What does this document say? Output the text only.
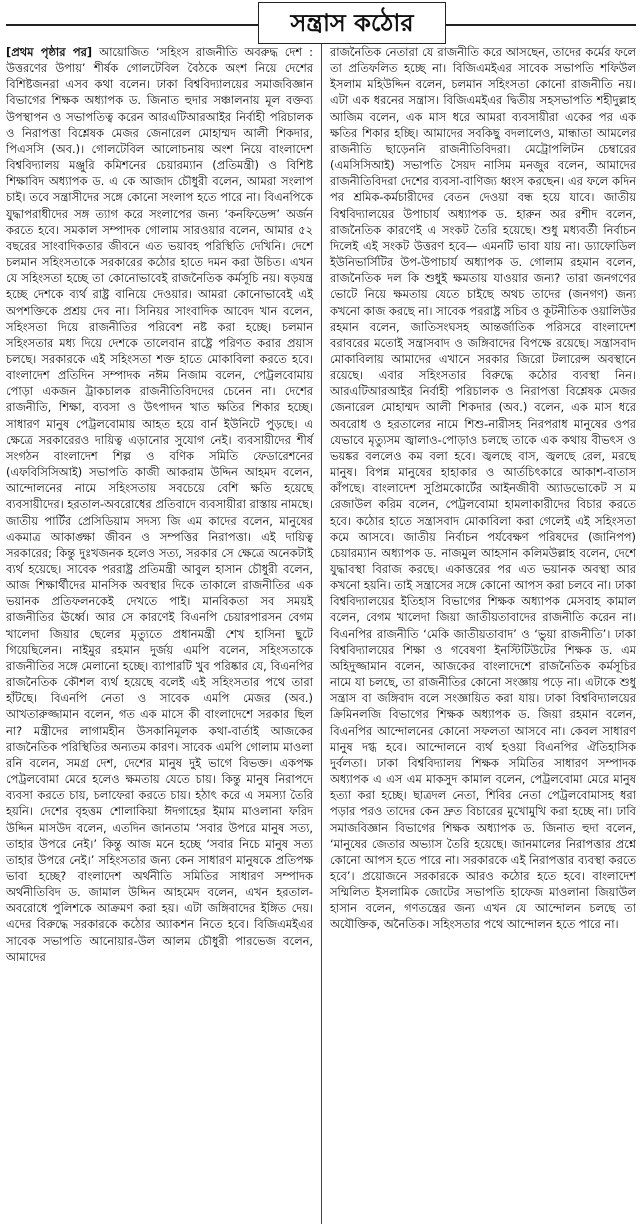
সন্ত্রাস কঠোর

[প্রথম পৃষ্ঠার পর] আয়োজিত ‘সহিংস রাজনীতি অবরুদ্ধ দেশ : উত্তরণের উপায়’ শীর্ষক গোলটেবিল বৈঠকে অংশ নিয়ে দেশের বিশিষ্টজনরা এসব কথা বলেন। ঢাকা বিশ্ববিদ্যালয়ের সমাজবিজ্ঞান বিভাগের শিক্ষক অধ্যাপক ড. জিনাত হুদার সঞ্চালনায় মূল বক্তব্য উপস্থাপন ও সভাপতিত্ব করেন আরএটিআরআইর নির্বাহী পরিচালক ও নিরাপত্তা বিশ্লেষক মেজর জেনারেল মোহাম্মদ আলী শিকদার, পিএসসি (অব.)। গোলটেবিল আলোচনায় অংশ নিয়ে বাংলাদেশ বিশ্ববিদ্যালয় মঞ্জুরি কমিশনের চেয়ারম্যান (প্রতিমন্ত্রী) ও বিশিষ্ট শিক্ষাবিদ অধ্যাপক ড. এ কে আজাদ চৌধুরী বলেন, আমরা সংলাপ চাই। তবে সন্ত্রাসীদের সঙ্গে কোনো সংলাপ হতে পারে না। বিএনপিকে যুদ্ধাপরাধীদের সঙ্গ ত্যাগ করে সংলাপের জন্য ‘কনফিডেন্স’ অর্জন করতে হবে। সমকাল সম্পাদক গোলাম সারওয়ার বলেন, আমার ৫২ বছরের সাংবাদিকতার জীবনে এত ভয়াবহ পরিস্থিতি দেখিনি। দেশে চলমান সহিংসতাকে সরকারের কঠোর হাতে দমন করা উচিত। এখন যে সহিংসতা হচ্ছে তা কোনোভাবেই রাজনৈতিক কর্মসূচি নয়। ষড়যন্ত্র হচ্ছে দেশকে ব্যর্থ রাষ্ট্র বানিয়ে দেওয়ার। আমরা কোনোভাবেই এই অপশক্তিকে প্রশ্রয় দেব না। সিনিয়র সাংবাদিক আবেদ খান বলেন, সহিংসতা দিয়ে রাজনীতির পরিবেশ নষ্ট করা হচ্ছে। চলমান সহিংসতার মধ্য দিয়ে দেশকে তালেবান রাষ্ট্রে পরিণত করার প্রয়াস চলছে। সরকারকে এই সহিংসতা শক্ত হাতে মোকাবিলা করতে হবে। বাংলাদেশ প্রতিদিন সম্পাদক নঈম নিজাম বলেন, পেট্রলবোমায় পোড়া একজন ট্রাকচালক রাজনীতিবিদদের চেনেন না। দেশের রাজনীতি, শিক্ষা, ব্যবসা ও উৎপাদন খাত ক্ষতির শিকার হচ্ছে। সাধারণ মানুষ পেট্রলবোমায় আহত হয়ে বার্ন ইউনিটে পুড়ছে। এ ক্ষেত্রে সরকারেরও দায়িত্ব এড়ানোর সুযোগ নেই। ব্যবসায়ীদের শীর্ষ সংগঠন বাংলাদেশ শিল্প ও বণিক সমিতি ফেডারেশনের (এফবিসিসিআই) সভাপতি কাজী আকরাম উদ্দিন আহমদ বলেন, আন্দোলনের নামে সহিংসতায় সবচেয়ে বেশি ক্ষতি হয়েছে ব্যবসায়ীদের। হরতাল-অবরোধের প্রতিবাদে ব্যবসায়ীরা রাস্তায় নামছে। জাতীয় পার্টির প্রেসিডিয়াম সদস্য জি এম কাদের বলেন, মানুষের একমাত্র আকাঙ্ক্ষা জীবন ও সম্পত্তির নিরাপত্তা। এই দায়িত্ব সরকারের; কিন্তু দুঃখজনক হলেও সত্য, সরকার সে ক্ষেত্রে অনেকটাই ব্যর্থ হয়েছে। সাবেক পররাষ্ট্র প্রতিমন্ত্রী আবুল হাসান চৌধুরী বলেন, আজ শিক্ষার্থীদের মানসিক অবস্থার দিকে তাকালে রাজনীতির এক ভয়ানক প্রতিফলনকেই দেখতে পাই। মানবিকতা সব সময়ই রাজনীতির ঊর্ধ্বে। আর সে কারণেই বিএনপি চেয়ারপারসন বেগম খালেদা জিয়ার ছেলের মৃত্যুতে প্রধানমন্ত্রী শেখ হাসিনা ছুটে গিয়েছিলেন। নাইমুর রহমান দুর্জয় এমপি বলেন, সহিংসতাকে রাজনীতির সঙ্গে মেলানো হচ্ছে। ব্যাপারটি খুব পরিষ্কার যে, বিএনপির রাজনৈতিক কৌশল ব্যর্থ হয়েছে বলেই এই সহিংসতার পথে তারা হাঁটছে। বিএনপি নেতা ও সাবেক এমপি মেজর (অব.) আখতারুজ্জামান বলেন, গত এক মাসে কী বাংলাদেশে সরকার ছিল না? মন্ত্রীদের লাগামহীন উসকানিমূলক কথা-বার্তাই আজকের রাজনৈতিক পরিস্থিতির অন্যতম কারণ। সাবেক এমপি গোলাম মাওলা রনি বলেন, সমগ্র দেশ, দেশের মানুষ দুই ভাগে বিভক্ত। একপক্ষ পেট্রলবোমা মেরে হলেও ক্ষমতায় যেতে চায়। কিন্তু মানুষ নিরাপদে ব্যবসা করতে চায়, চলাফেরা করতে চায়। হঠাৎ করে এ সমস্যা তৈরি হয়নি। দেশের বৃহত্তম শোলাকিয়া ঈদগাহের ইমাম মাওলানা ফরিদ উদ্দিন মাসউদ বলেন, এতদিন জানতাম ‘সবার উপরে মানুষ সত্য, তাহার উপরে নেই।’ কিন্তু আজ মনে হচ্ছে ‘সবার নিচে মানুষ সত্য তাহার উপরে নেই।’ সহিংসতার জন্য কেন সাধারণ মানুষকে প্রতিপক্ষ ভাবা হচ্ছে? বাংলাদেশ অর্থনীতি সমিতির সাধারণ সম্পাদক অর্থনীতিবিদ ড. জামাল উদ্দিন আহমেদ বলেন, এখন হরতাল-অবরোধে পুলিশকে আক্রমণ করা হয়। এটা জঙ্গিবাদের ইঙ্গিত দেয়। এদের বিরুদ্ধে সরকারকে কঠোর অ্যাকশন নিতে হবে। বিজিএমইএর সাবেক সভাপতি আনোয়ার-উল আলম চৌধুরী পারভেজ বলেন, আমাদের

রাজনৈতিক নেতারা যে রাজনীতি করে আসছেন, তাদের কর্মের ফলে তা প্রতিফলিত হচ্ছে না। বিজিএমইএর সাবেক সভাপতি শফিউল ইসলাম মহিউদ্দিন বলেন, চলমান সহিংসতা কোনো রাজনীতি নয়। এটা এক ধরনের সন্ত্রাস। বিজিএমইএর দ্বিতীয় সহসভাপতি শহীদুল্লাহ আজিম বলেন, এক মাস ধরে আমরা ব্যবসায়ীরা একের পর এক ক্ষতির শিকার হচ্ছি। আমাদের সবকিছু বদলালেও, মান্ধাতা আমলের রাজনীতি ছাড়েননি রাজনীতিবিদরা। মেট্রোপলিটন চেম্বারের (এমসিসিআই) সভাপতি সৈয়দ নাসিম মনজুর বলেন, আমাদের রাজনীতিবিদরা দেশের ব্যবসা-বাণিজ্য ধ্বংস করছেন। এর ফলে কদিন পর শ্রমিক-কর্মচারীদের বেতন দেওয়া বন্ধ হয়ে যাবে। জাতীয় বিশ্ববিদ্যালয়ের উপাচার্য অধ্যাপক ড. হারুন অর রশীদ বলেন, রাজনৈতিক কারণেই এ সংকট তৈরি হয়েছে। শুধু মধ্যবর্তী নির্বাচন দিলেই এই সংকট উত্তরণ হবে— এমনটি ভাবা যায় না। ড্যাফোডিল ইউনিভার্সিটির উপ-উপাচার্য অধ্যাপক ড. গোলাম রহমান বলেন, রাজনৈতিক দল কি শুধুই ক্ষমতায় যাওয়ার জন্য? তারা জনগণের ভোটে নিয়ে ক্ষমতায় যেতে চাইছে অথচ তাদের (জনগণ) জন্য কখনো কাজ করছে না। সাবেক পররাষ্ট্র সচিব ও কূটনীতিক ওয়ালিউর রহমান বলেন, জাতিসংঘসহ আন্তর্জাতিক পরিসরে বাংলাদেশ বরাবরের মতোই সন্ত্রাসবাদ ও জঙ্গিবাদের বিপক্ষে রয়েছে। সন্ত্রাসবাদ মোকাবিলায় আমাদের এখানে সরকার জিরো টলারেন্স অবস্থানে রয়েছে। এবার সহিংসতার বিরুদ্ধে কঠোর ব্যবস্থা নিন। আরএটিআরআইর নির্বাহী পরিচালক ও নিরাপত্তা বিশ্লেষক মেজর জেনারেল মোহাম্মদ আলী শিকদার (অব.) বলেন, এক মাস ধরে অবরোধ ও হরতালের নামে শিশু-নারীসহ নিরপরাধ মানুষের ওপর যেভাবে মৃত্যুসম জ্বালাও-পোড়াও চলছে তাকে এক কথায় বীভৎস ও ভয়ঙ্কর বললেও কম বলা হবে। জ্বলছে বাস, জ্বলছে রেল, মরছে মানুষ। বিপন্ন মানুষের হাহাকার ও আর্তচিৎকারে আকাশ-বাতাস কাঁপছে। বাংলাদেশ সুপ্রিমকোর্টের আইনজীবী অ্যাডভোকেট স ম রেজাউল করিম বলেন, পেট্রলবোমা হামলাকারীদের বিচার করতে হবে। কঠোর হাতে সন্ত্রাসবাদ মোকাবিলা করা গেলেই এই সহিংসতা কমে আসবে। জাতীয় নির্বাচন পর্যবেক্ষণ পরিষদের (জানিপপ) চেয়ারম্যান অধ্যাপক ড. নাজমুল আহসান কলিমউল্লাহ বলেন, দেশে যুদ্ধাবস্থা বিরাজ করছে। একাত্তরের পর এত ভয়ানক অবস্থা আর কখনো হয়নি। তাই সন্ত্রাসের সঙ্গে কোনো আপস করা চলবে না। ঢাকা বিশ্ববিদ্যালয়ের ইতিহাস বিভাগের শিক্ষক অধ্যাপক মেসবাহ কামাল বলেন, বেগম খালেদা জিয়া জাতীয়তাবাদের রাজনীতি করেন না। বিএনপির রাজনীতি ‘মেকি জাতীয়তাবাদ’ ও ‘ভুয়া রাজনীতি’। ঢাকা বিশ্ববিদ্যালয়ের শিক্ষা ও গবেষণা ইনস্টিটিউটের শিক্ষক ড. এম অহিদুজ্জামান বলেন, আজকের বাংলাদেশে রাজনৈতিক কর্মসূচির নামে যা চলছে, তা রাজনীতির কোনো সংজ্ঞায় পড়ে না। এটাকে শুধু সন্ত্রাস বা জঙ্গিবাদ বলে সংজ্ঞায়িত করা যায়। ঢাকা বিশ্ববিদ্যালয়ের ক্রিমিনলজি বিভাগের শিক্ষক অধ্যাপক ড. জিয়া রহমান বলেন, বিএনপির আন্দোলনের কোনো সফলতা আসবে না। কেবল সাধারণ মানুষ দগ্ধ হবে। আন্দোলনে ব্যর্থ হওয়া বিএনপির ঐতিহাসিক দুর্বলতা। ঢাকা বিশ্ববিদ্যালয় শিক্ষক সমিতির সাধারণ সম্পাদক অধ্যাপক এ এস এম মাকসুদ কামাল বলেন, পেট্রলবোমা মেরে মানুষ হত্যা করা হচ্ছে। ছাত্রদল নেতা, শিবির নেতা পেট্রলবোমাসহ ধরা পড়ার পরও তাদের কেন দ্রুত বিচারের মুখোমুখি করা হচ্ছে না। ঢাবি সমাজবিজ্ঞান বিভাগের শিক্ষক অধ্যাপক ড. জিনাত হুদা বলেন, ‘মানুষের জেতার অভ্যাস তৈরি হয়েছে। জানমালের নিরাপত্তার প্রশ্নে কোনো আপস হতে পারে না। সরকারকে এই নিরাপত্তার ব্যবস্থা করতে হবে’। প্রয়োজনে সরকারকে আরও কঠোর হতে হবে। বাংলাদেশ সম্মিলিত ইসলামিক জোটের সভাপতি হাফেজ মাওলানা জিয়াউল হাসান বলেন, গণতন্ত্রের জন্য এখন যে আন্দোলন চলছে তা অযৌক্তিক, অনৈতিক। সহিংসতার পথে আন্দোলন হতে পারে না।
